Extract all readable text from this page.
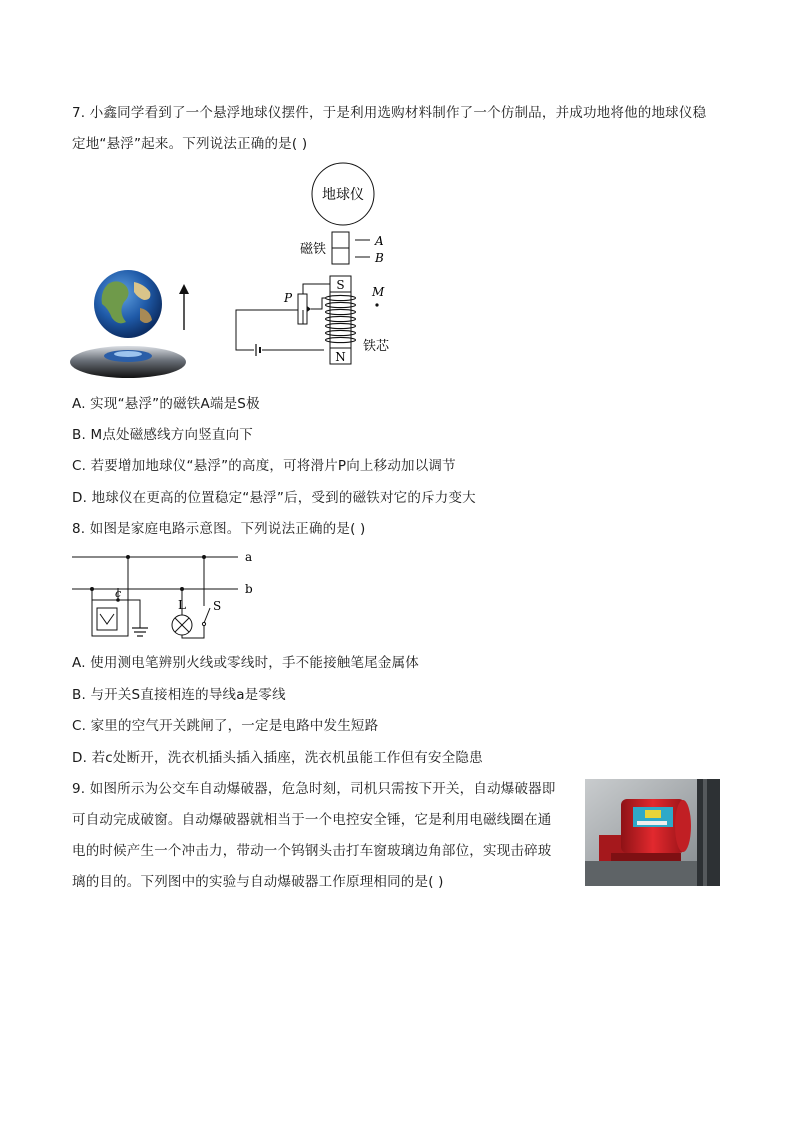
7. 小鑫同学看到了一个悬浮地球仪摆件，于是利用选购材料制作了一个仿制品，并成功地将他的地球仪稳
定地“悬浮”起来。下列说法正确的是( )
地球仪
磁铁
A
B
S
N
P	M
铁芯
A. 实现“悬浮”的磁铁A端是S极
B. M点处磁感线方向竖直向下
C. 若要增加地球仪“悬浮”的高度，可将滑片P向上移动加以调节
D. 地球仪在更高的位置稳定“悬浮”后，受到的磁铁对它的斥力变大
8. 如图是家庭电路示意图。下列说法正确的是( )
a
b
c
L S
A. 使用测电笔辨别火线或零线时，手不能接触笔尾金属体
B. 与开关S直接相连的导线a是零线
C. 家里的空气开关跳闸了，一定是电路中发生短路
D. 若c处断开，洗衣机插头插入插座，洗衣机虽能工作但有安全隐患
9. 如图所示为公交车自动爆破器，危急时刻，司机只需按下开关，自动爆破器即
可自动完成破窗。自动爆破器就相当于一个电控安全锤，它是利用电磁线圈在通
电的时候产生一个冲击力，带动一个钨钢头击打车窗玻璃边角部位，实现击碎玻
璃的目的。下列图中的实验与自动爆破器工作原理相同的是( )
